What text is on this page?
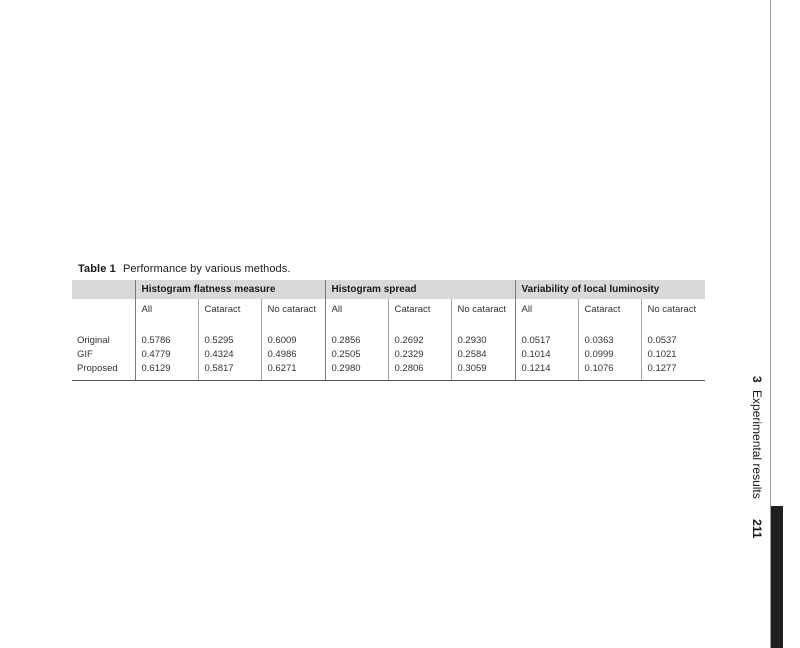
Table 1 Performance by various methods.
	Histogram flatness measure			Histogram spread			Variability of local luminosity		
	All	Cataract	No cataract	All	Cataract	No cataract	All	Cataract	No cataract
Original	0.5786	0.5295	0.6009	0.2856	0.2692	0.2930	0.0517	0.0363	0.0537
GIF	0.4779	0.4324	0.4986	0.2505	0.2329	0.2584	0.1014	0.0999	0.1021
Proposed	0.6129	0.5817	0.6271	0.2980	0.2806	0.3059	0.1214	0.1076	0.1277
3 Experimental results 211
